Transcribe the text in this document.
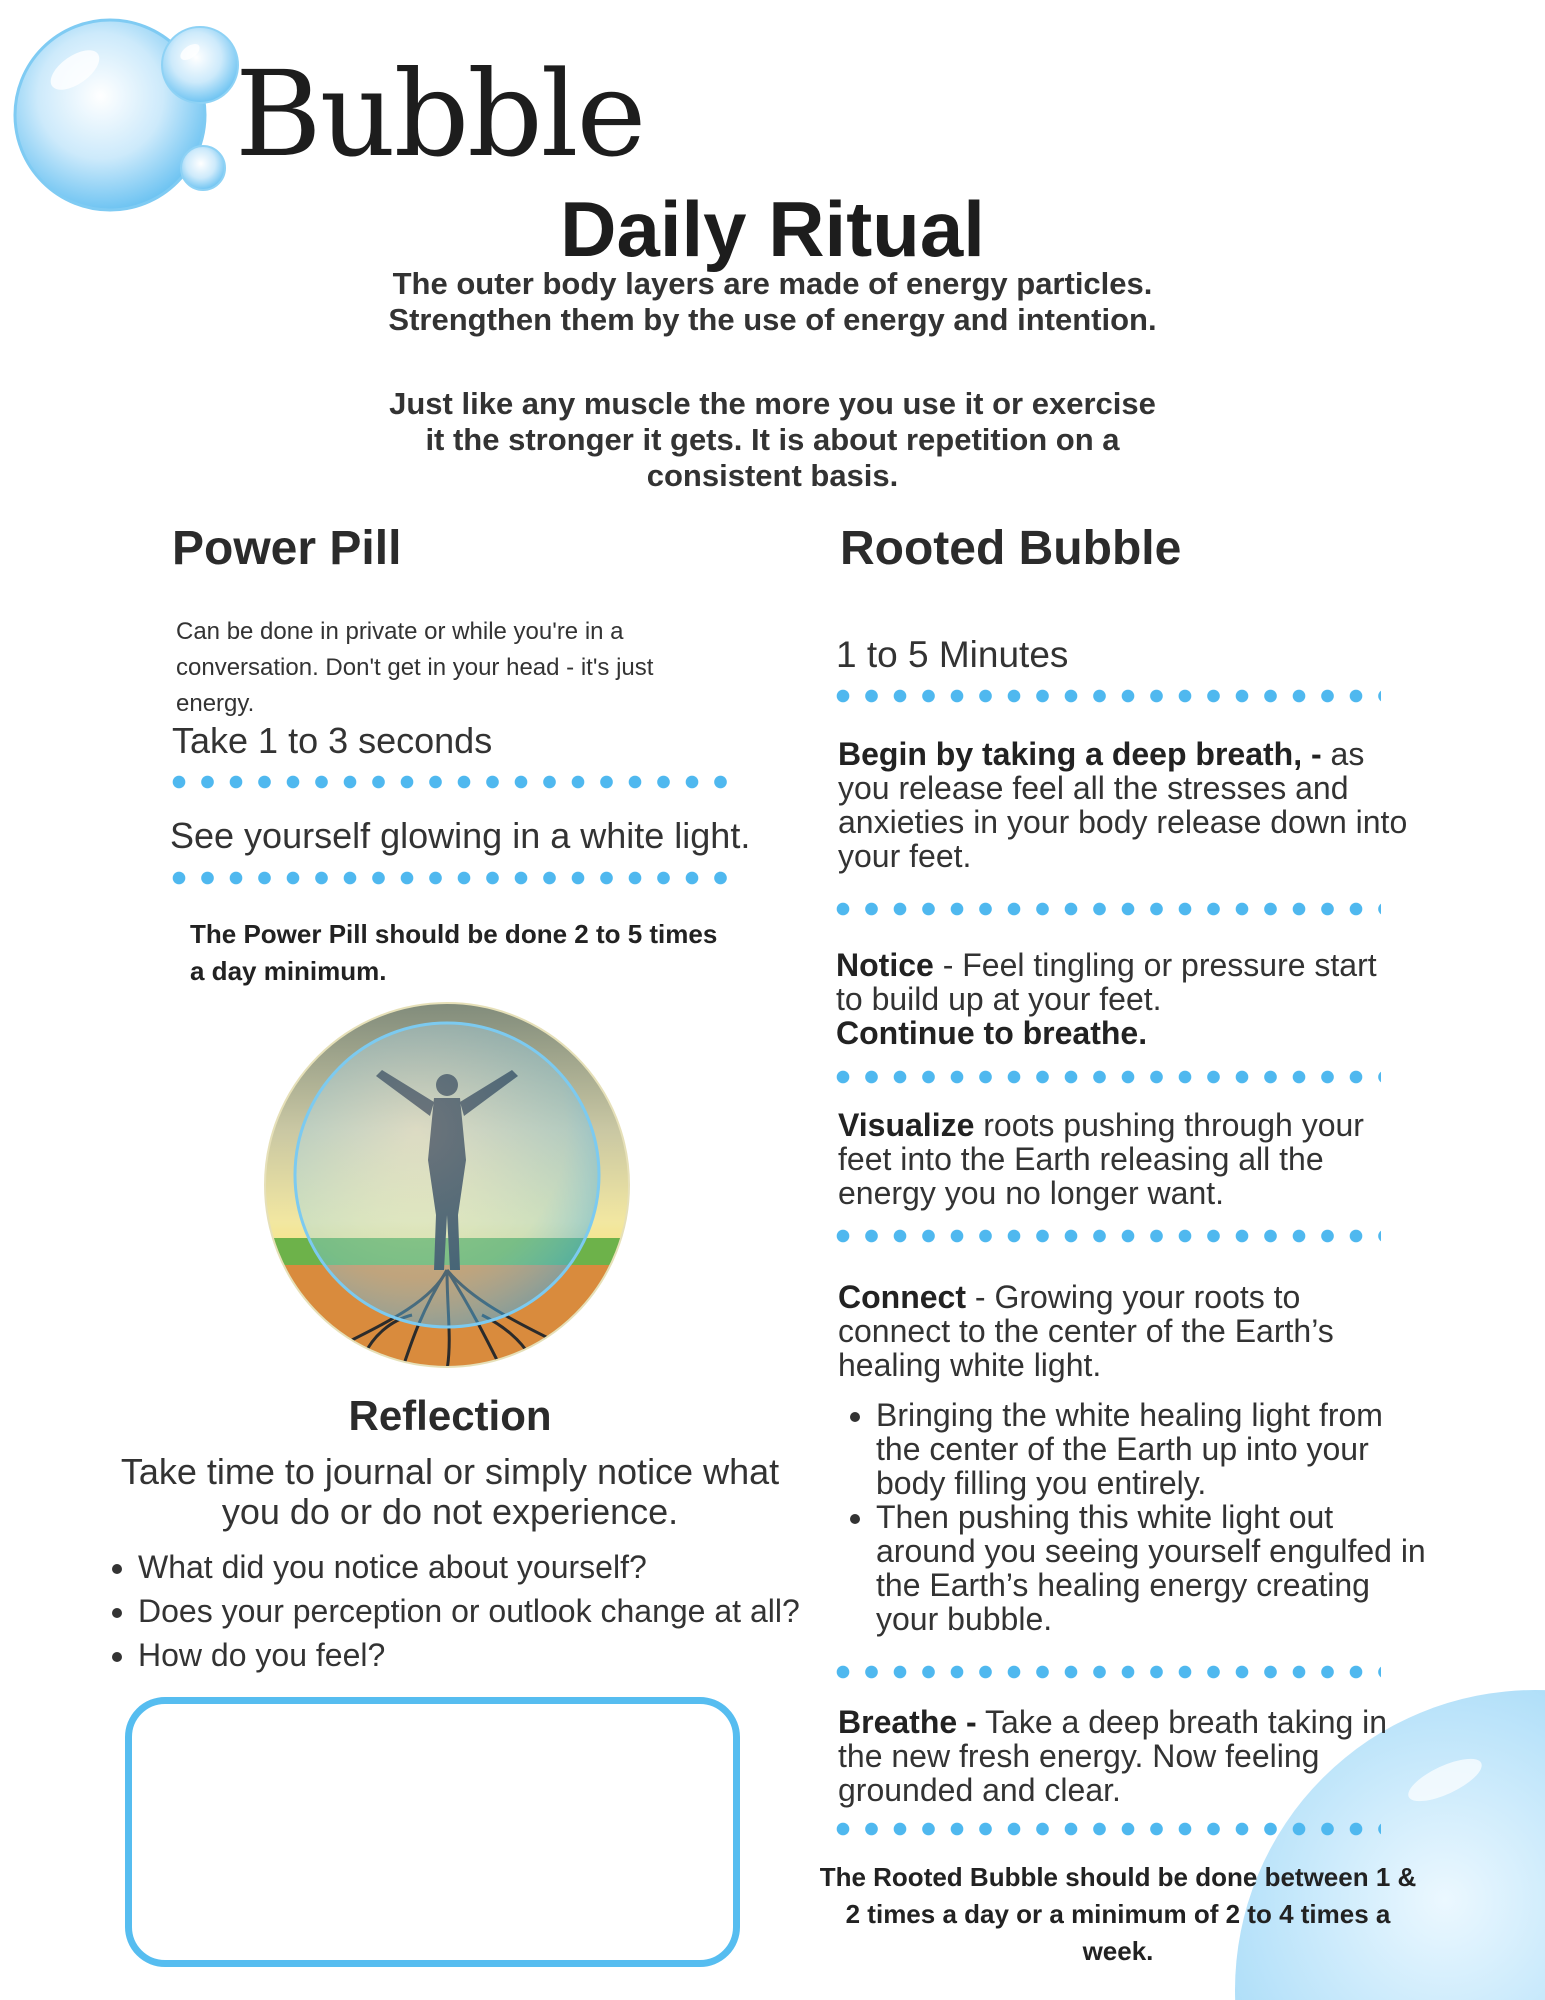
Bubble
Daily Ritual
The outer body layers are made of energy particles. Strengthen them by the use of energy and intention.
Just like any muscle the more you use it or exercise it the stronger it gets. It is about repetition on a consistent basis.
Power Pill
Can be done in private or while you're in a conversation. Don't get in your head - it's just energy.
Take 1 to 3 seconds
See yourself glowing in a white light.
The Power Pill should be done 2 to 5 times a day minimum.
Reflection
Take time to journal or simply notice what you do or do not experience.
• What did you notice about yourself?
• Does your perception or outlook change at all?
• How do you feel?
Rooted Bubble
1 to 5 Minutes
Begin by taking a deep breath, - as you release feel all the stresses and anxieties in your body release down into your feet.
Notice - Feel tingling or pressure start to build up at your feet.
Continue to breathe.
Visualize roots pushing through your feet into the Earth releasing all the energy you no longer want.
Connect - Growing your roots to connect to the center of the Earth’s healing white light.
• Bringing the white healing light from the center of the Earth up into your body filling you entirely.
• Then pushing this white light out around you seeing yourself engulfed in the Earth’s healing energy creating your bubble.
Breathe - Take a deep breath taking in the new fresh energy. Now feeling grounded and clear.
The Rooted Bubble should be done between 1 & 2 times a day or a minimum of 2 to 4 times a week.
